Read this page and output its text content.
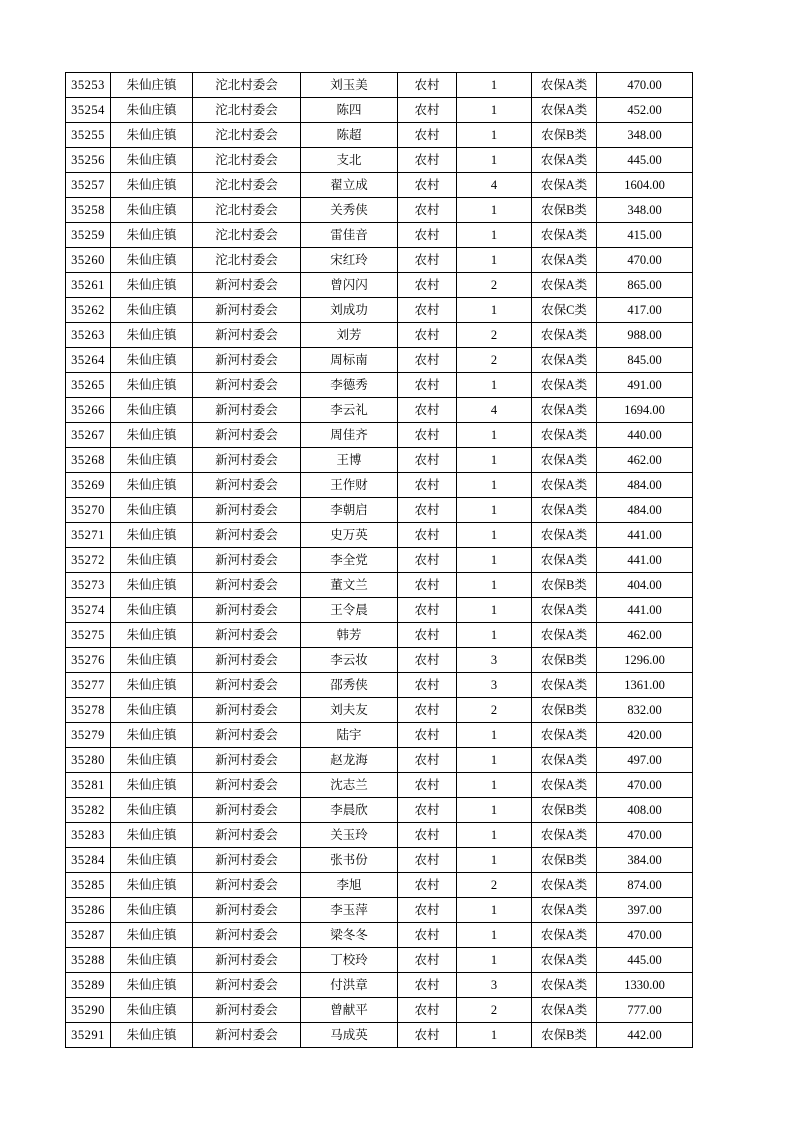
35253	朱仙庄镇	沱北村委会	刘玉美	农村	1	农保A类	470.00
35254	朱仙庄镇	沱北村委会	陈四	农村	1	农保A类	452.00
35255	朱仙庄镇	沱北村委会	陈超	农村	1	农保B类	348.00
35256	朱仙庄镇	沱北村委会	支北	农村	1	农保A类	445.00
35257	朱仙庄镇	沱北村委会	翟立成	农村	4	农保A类	1604.00
35258	朱仙庄镇	沱北村委会	关秀侠	农村	1	农保B类	348.00
35259	朱仙庄镇	沱北村委会	雷佳音	农村	1	农保A类	415.00
35260	朱仙庄镇	沱北村委会	宋红玲	农村	1	农保A类	470.00
35261	朱仙庄镇	新河村委会	曾闪闪	农村	2	农保A类	865.00
35262	朱仙庄镇	新河村委会	刘成功	农村	1	农保C类	417.00
35263	朱仙庄镇	新河村委会	刘芳	农村	2	农保A类	988.00
35264	朱仙庄镇	新河村委会	周标南	农村	2	农保A类	845.00
35265	朱仙庄镇	新河村委会	李德秀	农村	1	农保A类	491.00
35266	朱仙庄镇	新河村委会	李云礼	农村	4	农保A类	1694.00
35267	朱仙庄镇	新河村委会	周佳齐	农村	1	农保A类	440.00
35268	朱仙庄镇	新河村委会	王博	农村	1	农保A类	462.00
35269	朱仙庄镇	新河村委会	王作财	农村	1	农保A类	484.00
35270	朱仙庄镇	新河村委会	李朝启	农村	1	农保A类	484.00
35271	朱仙庄镇	新河村委会	史万英	农村	1	农保A类	441.00
35272	朱仙庄镇	新河村委会	李全党	农村	1	农保A类	441.00
35273	朱仙庄镇	新河村委会	董文兰	农村	1	农保B类	404.00
35274	朱仙庄镇	新河村委会	王令晨	农村	1	农保A类	441.00
35275	朱仙庄镇	新河村委会	韩芳	农村	1	农保A类	462.00
35276	朱仙庄镇	新河村委会	李云妆	农村	3	农保B类	1296.00
35277	朱仙庄镇	新河村委会	邵秀侠	农村	3	农保A类	1361.00
35278	朱仙庄镇	新河村委会	刘夫友	农村	2	农保B类	832.00
35279	朱仙庄镇	新河村委会	陆宇	农村	1	农保A类	420.00
35280	朱仙庄镇	新河村委会	赵龙海	农村	1	农保A类	497.00
35281	朱仙庄镇	新河村委会	沈志兰	农村	1	农保A类	470.00
35282	朱仙庄镇	新河村委会	李晨欣	农村	1	农保B类	408.00
35283	朱仙庄镇	新河村委会	关玉玲	农村	1	农保A类	470.00
35284	朱仙庄镇	新河村委会	张书份	农村	1	农保B类	384.00
35285	朱仙庄镇	新河村委会	李旭	农村	2	农保A类	874.00
35286	朱仙庄镇	新河村委会	李玉萍	农村	1	农保A类	397.00
35287	朱仙庄镇	新河村委会	梁冬冬	农村	1	农保A类	470.00
35288	朱仙庄镇	新河村委会	丁校玲	农村	1	农保A类	445.00
35289	朱仙庄镇	新河村委会	付洪章	农村	3	农保A类	1330.00
35290	朱仙庄镇	新河村委会	曾献平	农村	2	农保A类	777.00
35291	朱仙庄镇	新河村委会	马成英	农村	1	农保B类	442.00
